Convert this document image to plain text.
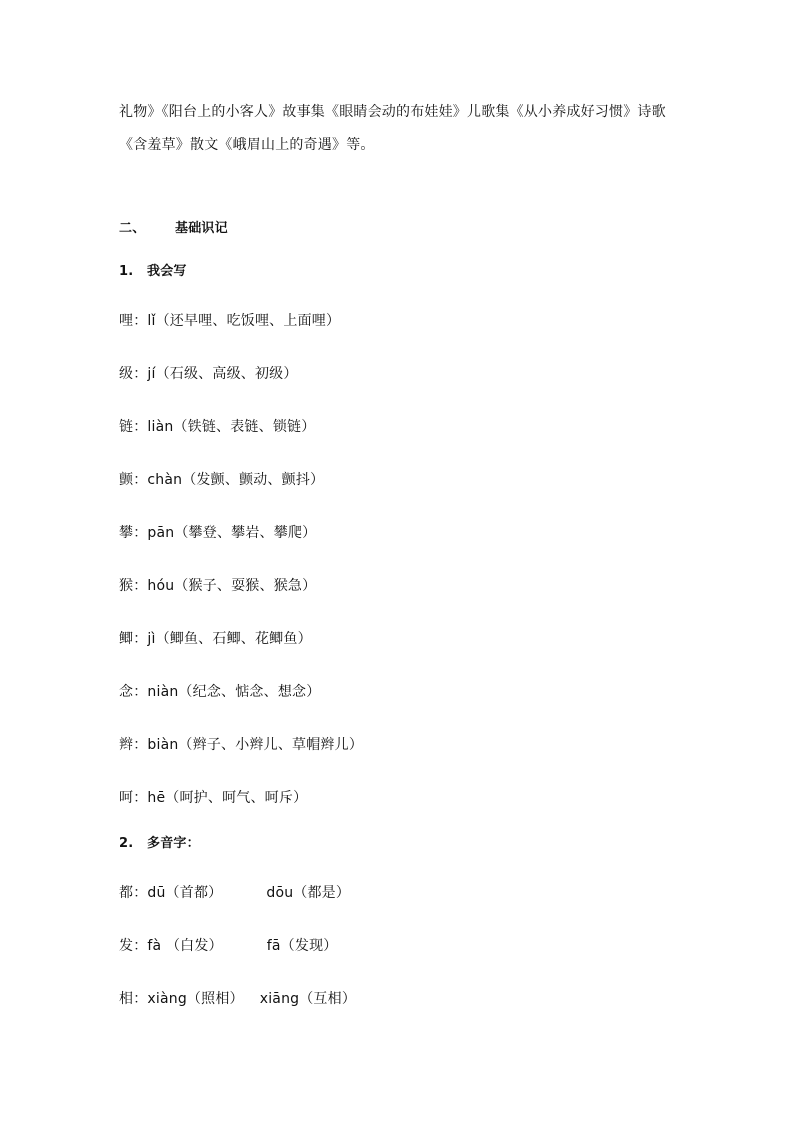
礼物》《阳台上的小客人》故事集《眼睛会动的布娃娃》儿歌集《从小养成好习惯》诗歌
《含羞草》散文《峨眉山上的奇遇》等。
二、 基础识记
1. 我会写
哩：lǐ（还早哩、吃饭哩、上面哩）
级：jí（石级、高级、初级）
链：liàn（铁链、表链、锁链）
颤：chàn（发颤、颤动、颤抖）
攀：pān（攀登、攀岩、攀爬）
猴：hóu（猴子、耍猴、猴急）
鲫：jì（鲫鱼、石鲫、花鲫鱼）
念：niàn（纪念、惦念、想念）
辫：biàn（辫子、小辫儿、草帽辫儿）
呵：hē（呵护、呵气、呵斥）
2. 多音字：
都：dū（首都）	dōu（都是）
发：fà （白发）	fā（发现）
相：xiàng（照相） xiāng（互相）
